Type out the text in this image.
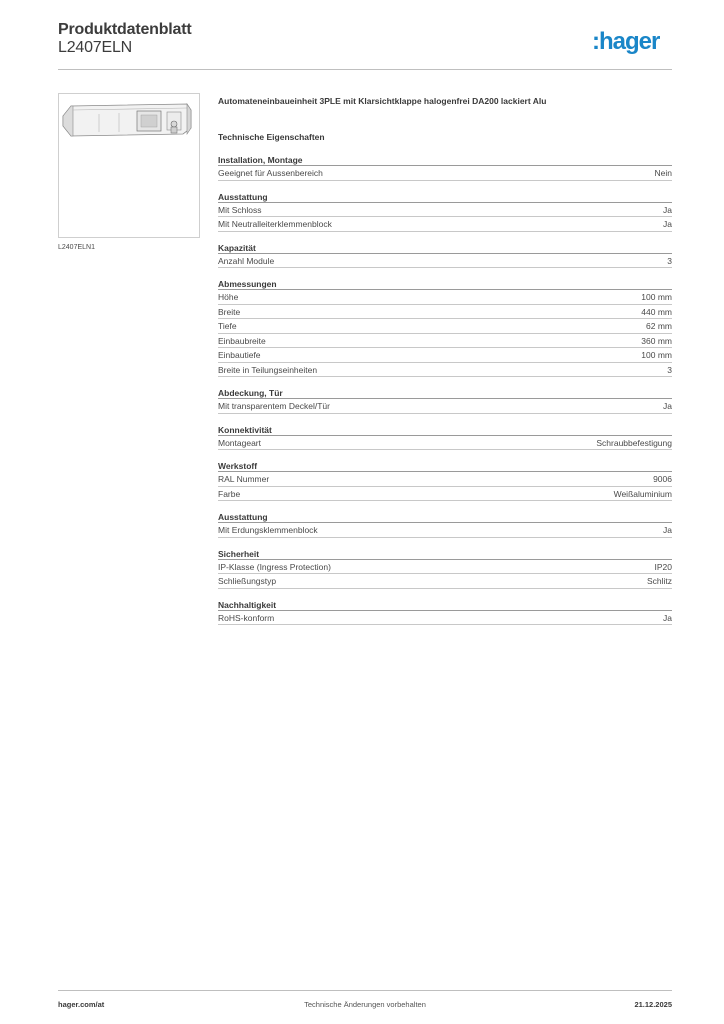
Produktdatenblatt
L2407ELN	:hager
L2407ELN1
Automateneinbaueinheit 3PLE mit Klarsichtklappe halogenfrei DA200 lackiert Alu
Technische Eigenschaften
Installation, Montage
Geeignet für Aussenbereich	Nein
Ausstattung
Mit Schloss	Ja
Mit Neutralleiterklemmenblock	Ja
Kapazität
Anzahl Module	3
Abmessungen
Höhe	100 mm
Breite	440 mm
Tiefe	62 mm
Einbaubreite	360 mm
Einbautiefe	100 mm
Breite in Teilungseinheiten	3
Abdeckung, Tür
Mit transparentem Deckel/Tür	Ja
Konnektivität
Montageart	Schraubbefestigung
Werkstoff
RAL Nummer	9006
Farbe	Weißaluminium
Ausstattung
Mit Erdungsklemmenblock	Ja
Sicherheit
IP-Klasse (Ingress Protection)	IP20
Schließungstyp	Schlitz
Nachhaltigkeit
RoHS-konform	Ja
hager.com/at	Technische Änderungen vorbehalten	21.12.2025
